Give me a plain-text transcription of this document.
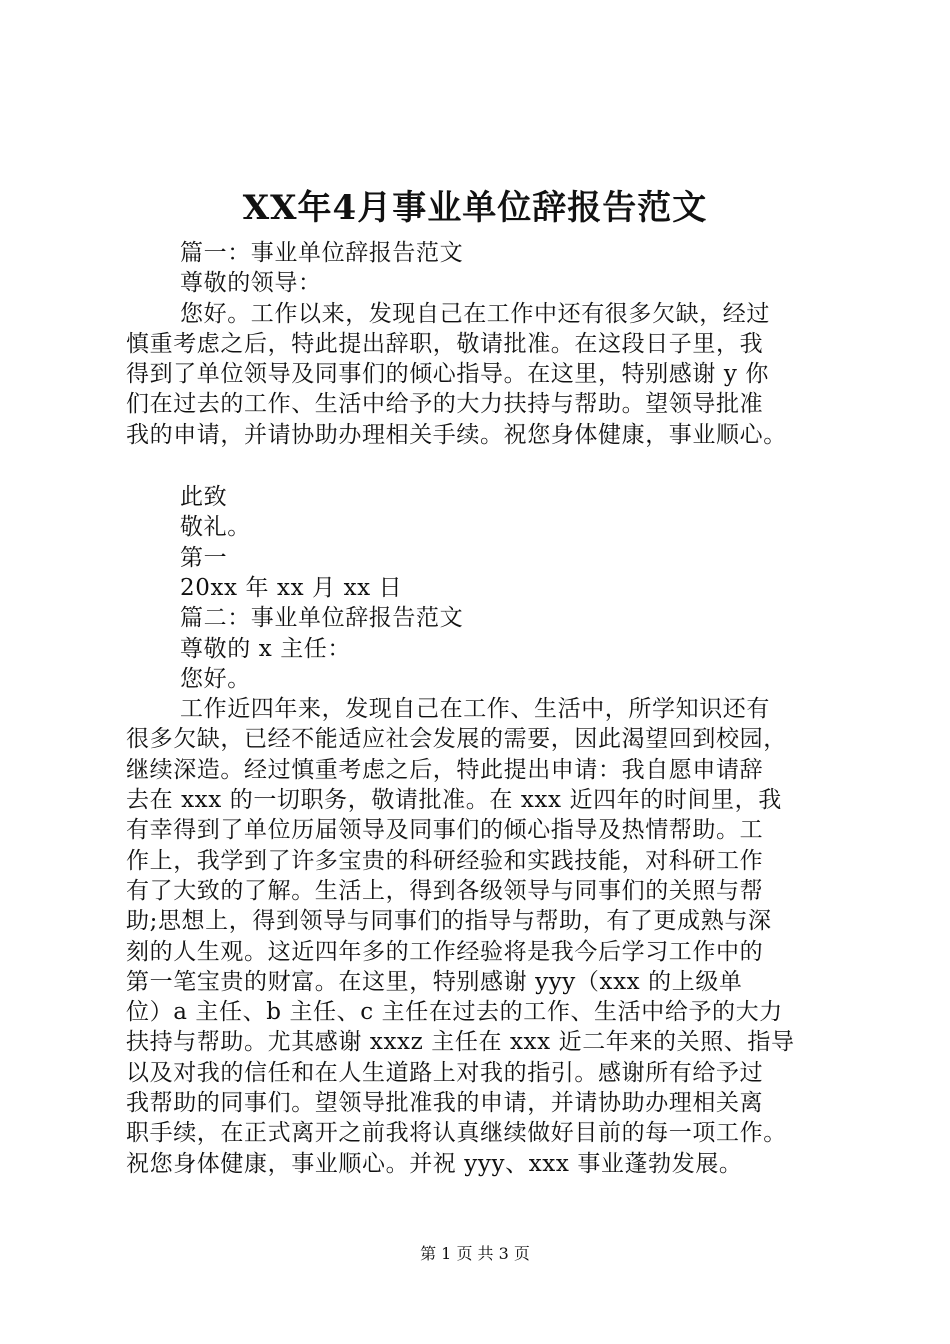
XX年4月事业单位辞报告范文
篇一：事业单位辞报告范文
尊敬的领导：
您好。工作以来，发现自己在工作中还有很多欠缺，经过
慎重考虑之后，特此提出辞职，敬请批准。在这段日子里，我
得到了单位领导及同事们的倾心指导。在这里，特别感谢 y 你
们在过去的工作、生活中给予的大力扶持与帮助。望领导批准
我的申请，并请协助办理相关手续。祝您身体健康，事业顺心。
此致
敬礼。
第一
20xx 年 xx 月 xx 日
篇二：事业单位辞报告范文
尊敬的 x 主任：
您好。
工作近四年来，发现自己在工作、生活中，所学知识还有
很多欠缺，已经不能适应社会发展的需要，因此渴望回到校园，
继续深造。经过慎重考虑之后，特此提出申请：我自愿申请辞
去在 xxx 的一切职务，敬请批准。在 xxx 近四年的时间里，我
有幸得到了单位历届领导及同事们的倾心指导及热情帮助。工
作上，我学到了许多宝贵的科研经验和实践技能，对科研工作
有了大致的了解。生活上，得到各级领导与同事们的关照与帮
助;思想上，得到领导与同事们的指导与帮助，有了更成熟与深
刻的人生观。这近四年多的工作经验将是我今后学习工作中的
第一笔宝贵的财富。在这里，特别感谢 yyy（xxx 的上级单
位）a 主任、b 主任、c 主任在过去的工作、生活中给予的大力
扶持与帮助。尤其感谢 xxxz 主任在 xxx 近二年来的关照、指导
以及对我的信任和在人生道路上对我的指引。感谢所有给予过
我帮助的同事们。望领导批准我的申请，并请协助办理相关离
职手续，在正式离开之前我将认真继续做好目前的每一项工作。
祝您身体健康，事业顺心。并祝 yyy、xxx 事业蓬勃发展。
第 1 页 共 3 页
